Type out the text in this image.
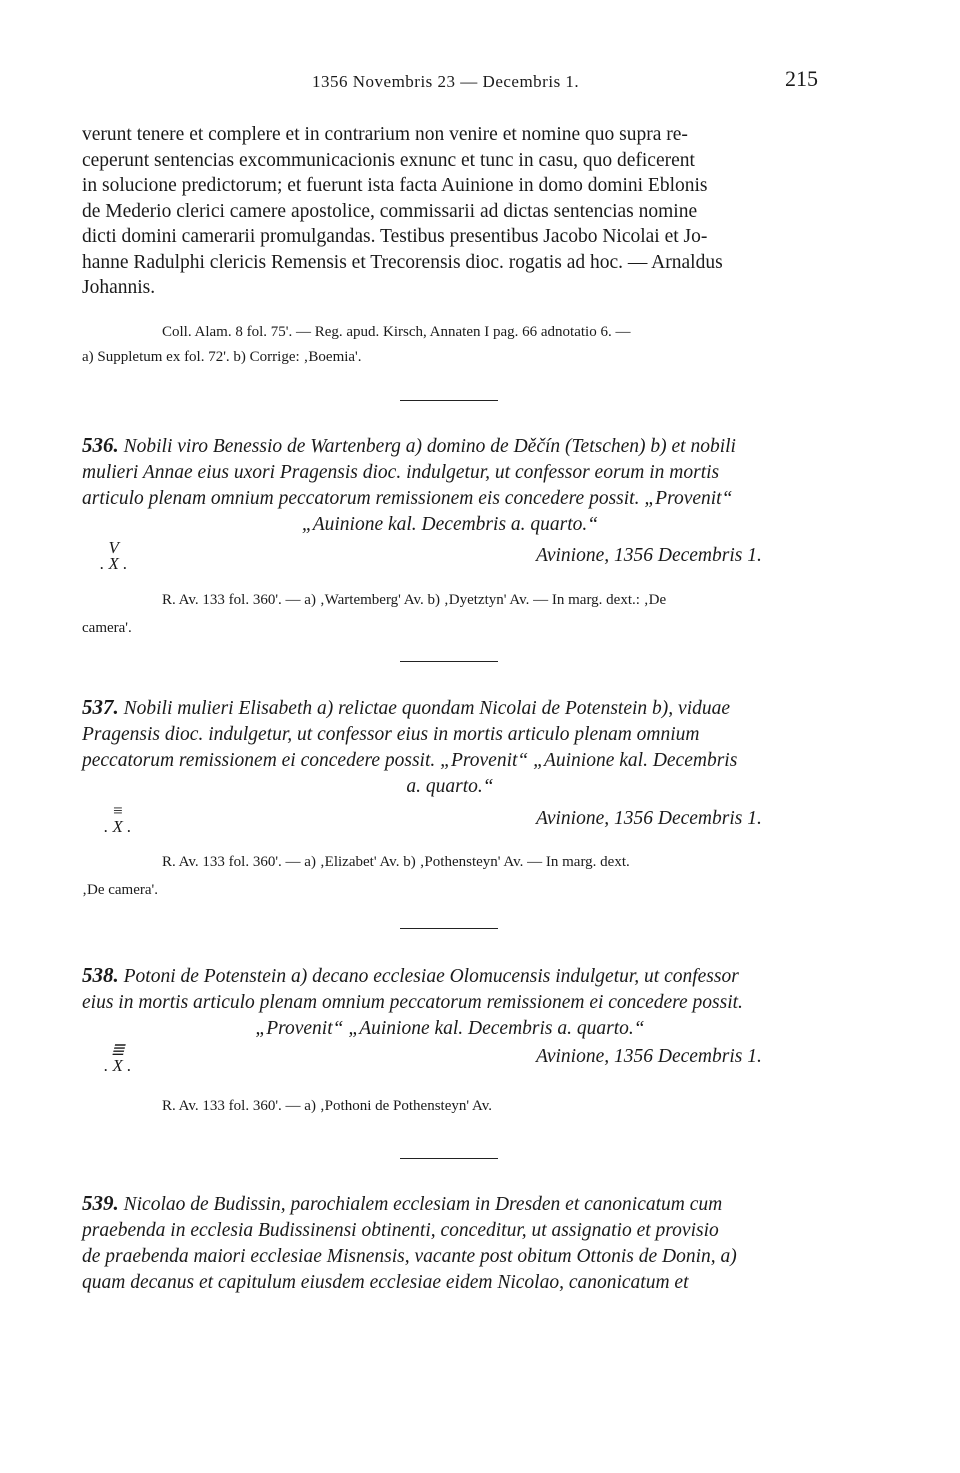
1356 Novembris 23 — Decembris 1.	215
verunt tenere et complere et in contrarium non venire et nomine quo supra re-
ceperunt sentencias excommunicacionis exnunc et tunc in casu, quo deficerent
in solucione predictorum; et fuerunt ista facta Auinione in domo domini Eblonis
de Mederio clerici camere apostolice, commissarii ad dictas sentencias nomine
dicti domini camerarii promulgandas. Testibus presentibus Jacobo Nicolai et Jo-
hanne Radulphi clericis Remensis et Trecorensis dioc. rogatis ad hoc. — Arnaldus
Johannis.
Coll. Alam. 8 fol. 75'. — Reg. apud. Kirsch, Annaten I pag. 66 adnotatio 6. —
a) Suppletum ex fol. 72'. b) Corrige: ‚Boemia'.
536. Nobili viro Benessio de Wartenberg a) domino de Děčín (Tetschen) b) et nobili
mulieri Annae eius uxori Pragensis dioc. indulgetur, ut confessor eorum in mortis
articulo plenam omnium peccatorum remissionem eis concedere possit. „Provenit“
„Auinione kal. Decembris a. quarto.“
V
. X .	Avinione, 1356 Decembris 1.
R. Av. 133 fol. 360'. — a) ‚Wartemberg' Av. b) ‚Dyetztyn' Av. — In marg. dext.: ‚De
camera'.
537. Nobili mulieri Elisabeth a) relictae quondam Nicolai de Potenstein b), viduae
Pragensis dioc. indulgetur, ut confessor eius in mortis articulo plenam omnium
peccatorum remissionem ei concedere possit. „Provenit“ „Auinione kal. Decembris
a. quarto.“
≡
. X .	Avinione, 1356 Decembris 1.
R. Av. 133 fol. 360'. — a) ‚Elizabet' Av. b) ‚Pothensteyn' Av. — In marg. dext.
‚De camera'.
538. Potoni de Potenstein a) decano ecclesiae Olomucensis indulgetur, ut confessor
eius in mortis articulo plenam omnium peccatorum remissionem ei concedere possit.
„Provenit“ „Auinione kal. Decembris a. quarto.“
≣
. X .	Avinione, 1356 Decembris 1.
R. Av. 133 fol. 360'. — a) ‚Pothoni de Pothensteyn' Av.
539. Nicolao de Budissin, parochialem ecclesiam in Dresden et canonicatum cum
praebenda in ecclesia Budissinensi obtinenti, conceditur, ut assignatio et provisio
de praebenda maiori ecclesiae Misnensis, vacante post obitum Ottonis de Donin, a)
quam decanus et capitulum eiusdem ecclesiae eidem Nicolao, canonicatum et
